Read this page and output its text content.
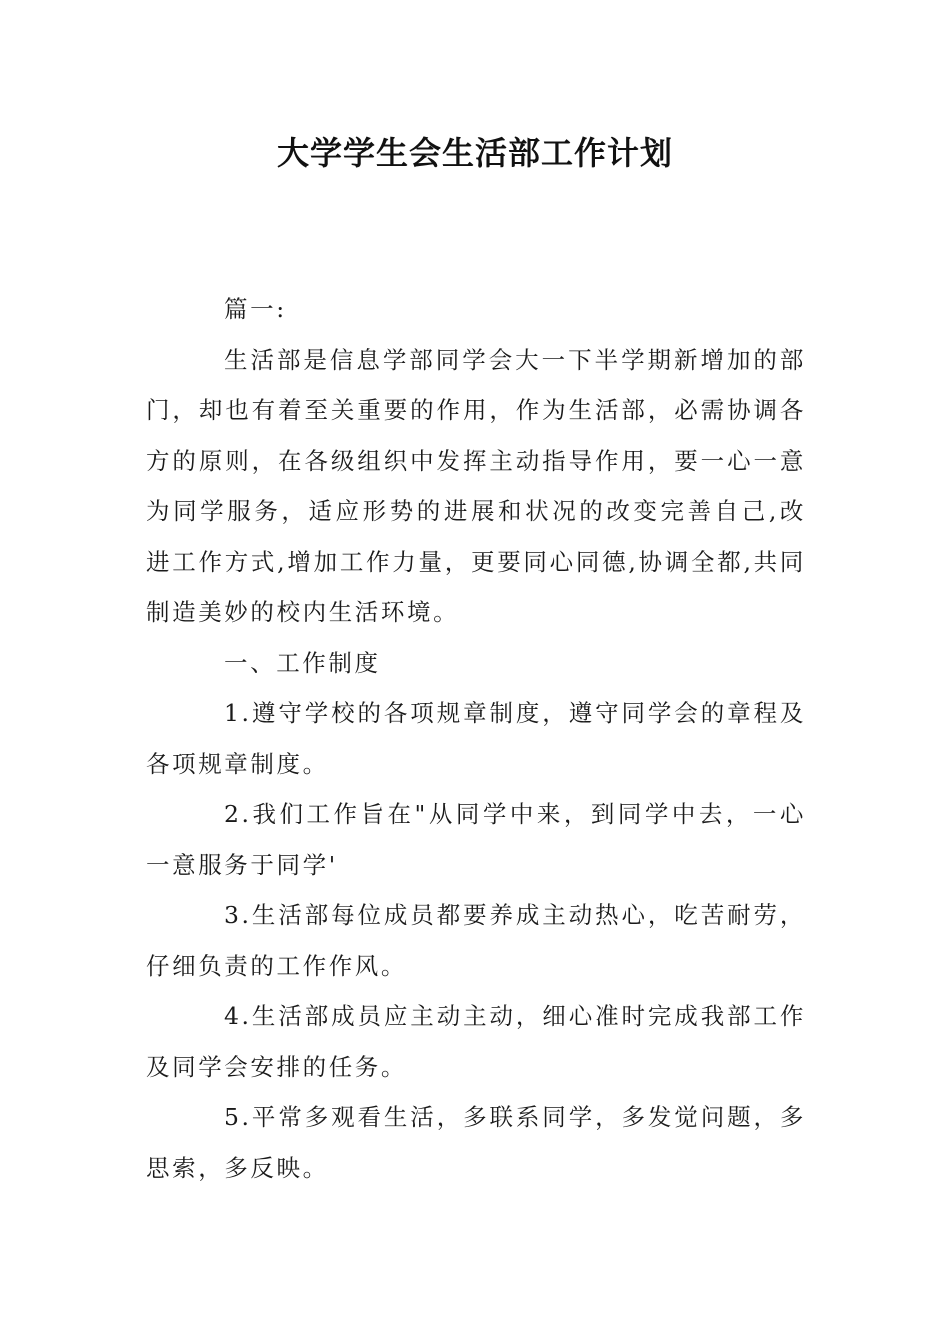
大学学生会生活部工作计划

篇一:

生活部是信息学部同学会大一下半学期新增加的部门，却也有着至关重要的作用，作为生活部，必需协调各方的原则，在各级组织中发挥主动指导作用，要一心一意为同学服务，适应形势的进展和状况的改变完善自己,改进工作方式,增加工作力量，更要同心同德,协调全都,共同制造美妙的校内生活环境。

一、工作制度

1.遵守学校的各项规章制度，遵守同学会的章程及各项规章制度。

2.我们工作旨在"从同学中来，到同学中去，一心一意服务于同学'

3.生活部每位成员都要养成主动热心，吃苦耐劳，仔细负责的工作作风。

4.生活部成员应主动主动，细心准时完成我部工作及同学会安排的任务。

5.平常多观看生活，多联系同学，多发觉问题，多思索，多反映。
